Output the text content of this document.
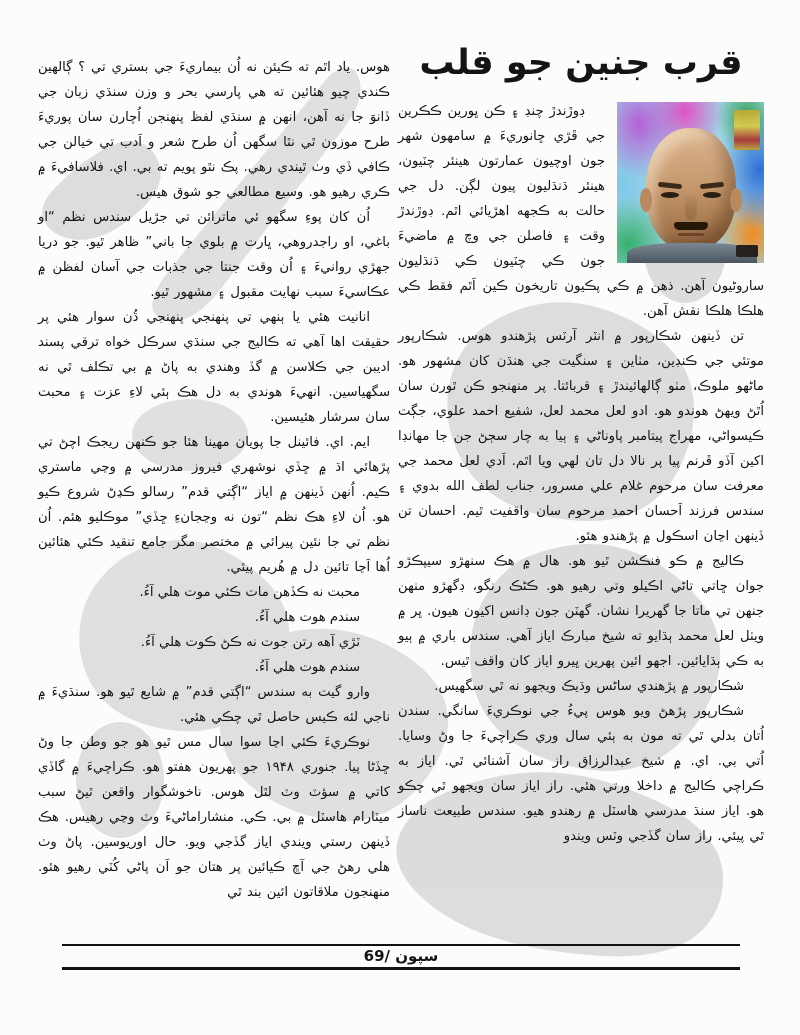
قرب جنين جو قلب

ڊوڙندڙ چنڊ ۽ ڪن ڀورين ڪڪرين جي ڦڙي ڇانوريءَ ۾ سامهون شهر جون اوچيون عمارتون هينئر چٽيون، هينئر ڌنڌليون پيون لڳن. دل جي حالت به ڪجهه اهڙيائي اٿم. ڊوڙندڙ وقت ۽ فاصلن جي وچ ۾ ماضيءَ جون ڪي چٽيون ڪي ڌنڌليون ساروڻيون آهن. ذهن ۾ ڪي پڪيون تاريخون ڪين اَٿم فقط ڪي هلڪا هلڪا نقش آهن.

تن ڏينهن شڪارپور ۾ انٽر آرٽس پڙهندو هوس. شڪارپور موتئي جي ڪنڊين، مٺاين ۽ سنگيت جي هنڌن کان مشهور هو. ماڻهو ملوڪ، مٺو ڳالهائيندڙ ۽ قربائتا. پر منهنجو ڪن ٿورن سان اُٿڻ ويهڻ هوندو هو. ادو لعل محمد لعل، شفيع احمد علوي، جڳت ڪيسواڻي، مهراج پيتامبر پاوناڻي ۽ ٻيا به چار سڄڻ جن جا مهانڊا اکين آڏو ڦرنم پيا پر نالا دل تان لهي ويا اٿم. اَدي لعل محمد جي معرفت سان مرحوم غلام علي مسرور، جناب لطف الله بدوي ۽ سندس فرزند اَحسان احمد مرحوم سان واقفيت ٿيم. احسان تن ڏينهن اڃان اسڪول ۾ پڙهندو هئو.

ڪاليج ۾ ڪو فنڪشن ٿيو هو. هال ۾ هڪ سنهڙو سيپڪڙو جوان ڇاتي تاڻي اڪيلو وتي رهيو هو. ڪڻڪ رنگو، ڊگهڙو منهن جنهن تي ماتا جا گهريرا نشان. گهٽن جون ڊانس اکيون هيون. ڀر ۾ ويٺل لعل محمد ٻڌايو ته شيخ مبارڪ اياز آهي. سندس باري ۾ ٻيو به ڪي ٻڌايائين. اجهو ائين پهرين ڀيرو اياز کان واقف ٿيس.

شڪارپور ۾ پڙهندي ساڻس وڌيڪ ويجهو نه ٿي سگهيس.

شڪارپور پڙهڻ ويو هوس پيءُ جي نوڪريءَ سانگي. سندن اُتان بدلي ٿي ته مون به ٻئي سال وري ڪراچيءَ جا وڻ وسايا. اُتي بي. اي. ۾ شيخ عبدالرزاق راز سان آشنائي ٿي. اياز به ڪراچي ڪاليج ۾ داخلا ورتي هئي. راز اياز سان ويجهو ٿي چڪو هو. اياز سنڌ مدرسي هاسٽل ۾ رهندو هيو. سندس طبيعت ناساز ٿي پيئي. راز سان گڏجي وٽس ويندو

هوس. ياد اٿم ته ڪيئن نه اُن بيماريءَ جي بستري تي ؟ ڳالهين ڪندي چيو هئائين ته هي پارسي بحر و وزن سنڌي زبان جي ڏانوَ جا نه آهن، انهن ۾ سنڌي لفظ پنهنجن اُچارن سان پوريءَ طرح موزون ٿي نٿا سگهن اُن طرح شعر و اَدب تي خيالن جي ڪافي ڏي وٺ ٿيندي رهي. پڪ نٿو پويم ته بي. اي. فلاسافيءَ ۾ ڪري رهيو هو. وسيع مطالعي جو شوق هيس.

اُن کان پوءِ سگهو ئي ماترائن تي جڙيل سندس نظم “او باغي، او راجدروهي، ڀارت ۾ بلوي جا باني” ظاهر ٿيو. جو دريا جهڙي روانيءَ ۽ اُن وقت جنتا جي جذبات جي آسان لفظن ۾ عڪاسيءَ سبب نهايت مقبول ۽ مشهور ٿيو.

انانيت هئي يا ٻنهي تي پنهنجي پنهنجي ڌُن سوار هئي پر حقيقت اها آهي ته ڪاليج جي سنڌي سرڪل خواه ترقي پسند اديبن جي ڪلاسن ۾ گڏ وهندي به پاڻ ۾ بي تڪلف ٿي نه سگهياسين. انهيءَ هوندي به دل هڪ ٻئي لاءِ عزت ۽ محبت سان سرشار هئيسين.

ايم. اي. فائينل جا پويان مهينا هئا جو ڪنهن ريجڪ اچڻ تي پڙهائي اڌ ۾ ڇڏي نوشهري فيروز مدرسي ۾ وڃي ماستري ڪيم. اُنهن ڏينهن ۾ اياز “اڳتي قدم” رسالو ڪڍڻ شروع ڪيو هو. اُن لاءِ هڪ نظم “تون نه وڃجانءِ ڇڏي” موڪليو هئم. اُن نظم تي جا نئين پيرائي ۾ مختصر مگر جامع تنقيد ڪئي هئائين اُها اَڃا تائين دل ۾ هُريم پيئي.

محبت نه ڪڏهن مات ڪئي موت هلي آءُ.
سندم هوت هلي آءُ.
ٽڙي آهه رتن جوت نه ڪڻ ڪوت هلي آءُ.
سندم هوت هلي آءُ.

وارو گيت به سندس “اڳتي قدم” ۾ شايع ٿيو هو. سنڌيءَ ۾ ناجي لئه ڪيس حاصل ٿي چڪي هئي.

نوڪريءَ ڪئي اڃا سوا سال مس ٿيو هو جو وطن جا وڻ ڇڏڻا پيا. جنوري ۱۹۴۸ جو پهريون هفتو هو. ڪراچيءَ ۾ گاڏي کاتي ۾ سؤٽ وٽ لٿل هوس. ناخوشگوار واقعن ٿيڻ سبب ميٽارام هاسٽل ۾ بي. ڪي. منشاراماڻيءَ وٽ وڃي رهيس. هڪ ڏينهن رستي ويندي اياز گڏجي ويو. حال اوريوسين. پاڻ وٺ هلي رهڻ جي آڇ ڪيائين پر هتان جو اَن پاڻي کُٽي رهيو هئو. منهنجون ملاقاتون ائين بند ٿي

سپون /69
